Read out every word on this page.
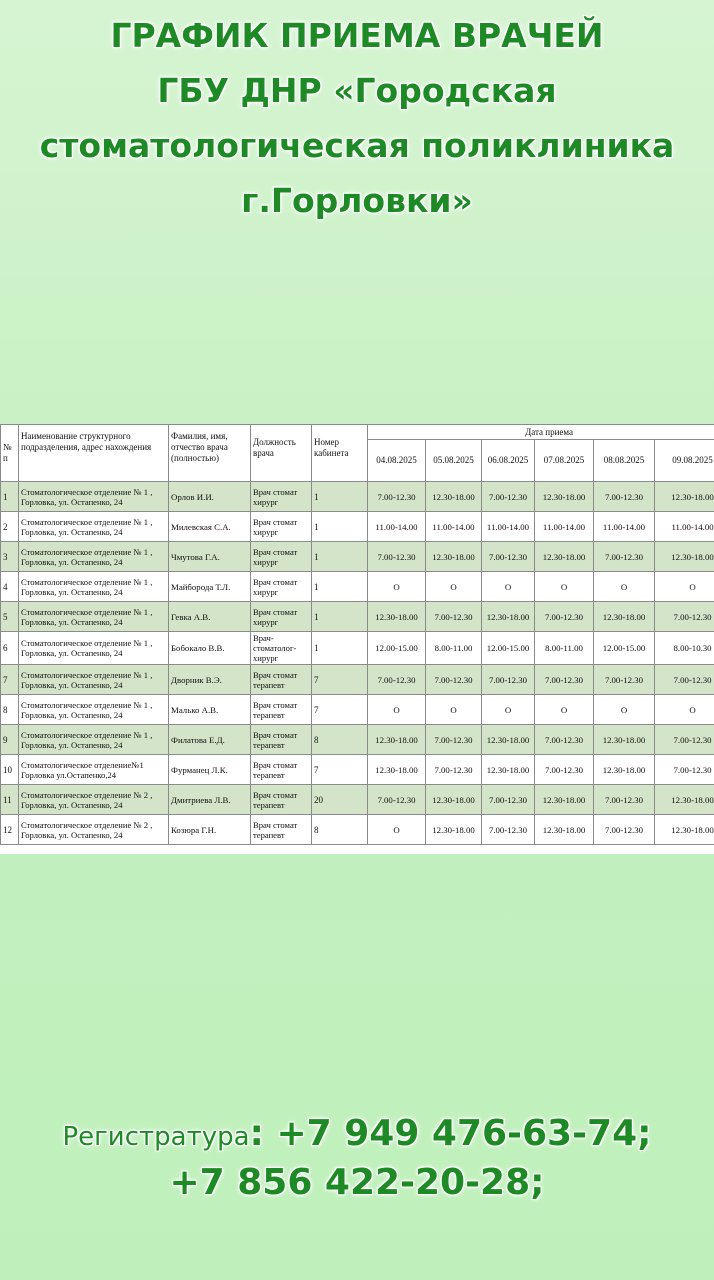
ГРАФИК ПРИЕМА ВРАЧЕЙ
ГБУ ДНР «Городская
стоматологическая поликлиника
г.Горловки»
№ п	Наименование структурного подразделения, адрес нахождения	Фамилия, имя, отчество врача (полностью)	Должность врача	Номер кабинета	Дата приема					
					04.08.2025	05.08.2025	06.08.2025	07.08.2025	08.08.2025	09.08.2025
1	Стоматологическое отделение № 1 , Горловка, ул. Остапенко, 24	Орлов И.И.	Врач стомат хирург	1	7.00-12.30	12.30-18.00	7.00-12.30	12.30-18.00	7.00-12.30	12.30-18.00
2	Стоматологическое отделение № 1 , Горловка, ул. Остапенко, 24	Милевская С.А.	Врач стомат хирург	1	11.00-14.00	11.00-14.00	11.00-14.00	11.00-14.00	11.00-14.00	11.00-14.00
3	Стоматологическое отделение № 1 , Горловка, ул. Остапенко, 24	Чмутова Г.А.	Врач стомат хирург	1	7.00-12.30	12.30-18.00	7.00-12.30	12.30-18.00	7.00-12.30	12.30-18.00
4	Стоматологическое отделение № 1 , Горловка, ул. Остапенко, 24	Майборода Т.Л.	Врач стомат хирург	1	О	О	О	О	О	О
5	Стоматологическое отделение № 1 , Горловка, ул. Остапенко, 24	Гевка А.В.	Врач стомат хирург	1	12.30-18.00	7.00-12.30	12.30-18.00	7.00-12.30	12.30-18.00	7.00-12.30
6	Стоматологическое отделение № 1 , Горловка, ул. Остапенко, 24	Бобокало В.В.	Врач-стоматолог-хирург	1	12.00-15.00	8.00-11.00	12.00-15.00	8.00-11.00	12.00-15.00	8.00-10.30
7	Стоматологическое отделение № 1 , Горловка, ул. Остапенко, 24	Дворник В.Э.	Врач стомат терапевт	7	7.00-12.30	7.00-12.30	7.00-12.30	7.00-12.30	7.00-12.30	7.00-12.30
8	Стоматологическое отделение № 1 , Горловка, ул. Остапенко, 24	Малько А.В.	Врач стомат терапевт	7	О	О	О	О	О	О
9	Стоматологическое отделение № 1 , Горловка, ул. Остапенко, 24	Филатова Е.Д.	Врач стомат терапевт	8	12.30-18.00	7.00-12.30	12.30-18.00	7.00-12.30	12.30-18.00	7.00-12.30
10	Стоматологическое отделение№1 Горловка ул.Остапенко,24	Фурманец Л.К.	Врач стомат терапевт	7	12.30-18.00	7.00-12.30	12.30-18.00	7.00-12.30	12.30-18.00	7.00-12.30
11	Стоматологическое отделение № 2 , Горловка, ул. Остапенко, 24	Дмитриева Л.В.	Врач стомат терапевт	20	7.00-12.30	12.30-18.00	7.00-12.30	12.30-18.00	7.00-12.30	12.30-18.00
12	Стоматологическое отделение № 2 , Горловка, ул. Остапенко, 24	Козюра Г.Н.	Врач стомат терапевт	8	О	12.30-18.00	7.00-12.30	12.30-18.00	7.00-12.30	12.30-18.00
Регистратура: +7 949 476-63-74;
+7 856 422-20-28;
